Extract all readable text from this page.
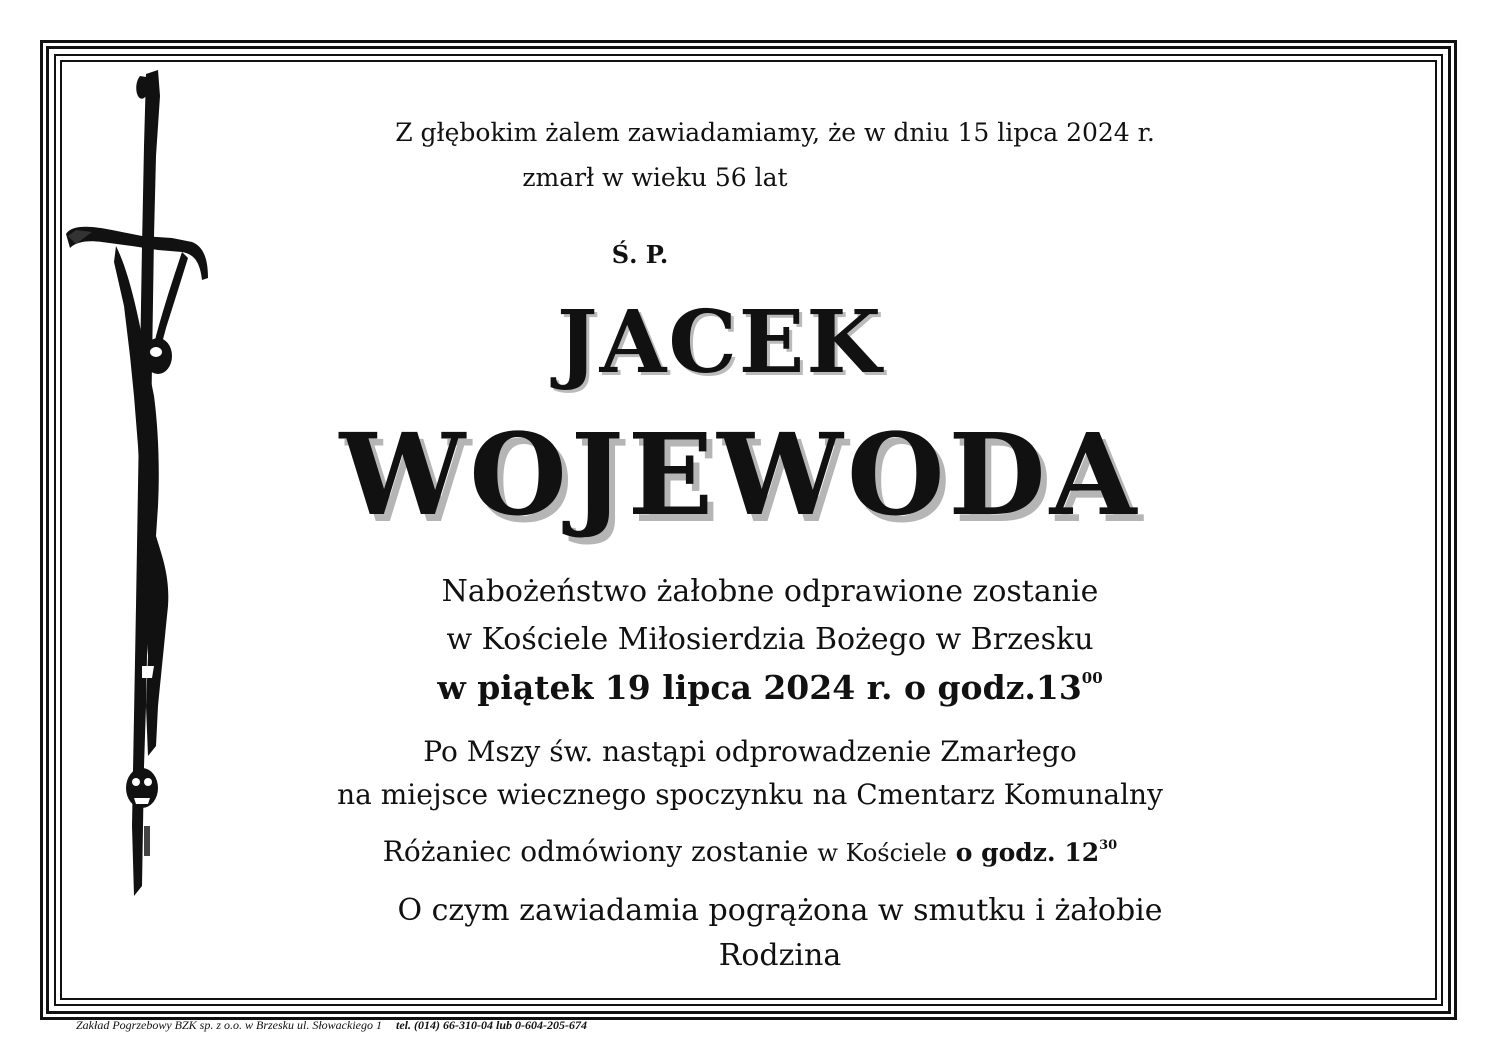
Z głębokim żalem zawiadamiamy, że w dniu 15 lipca 2024 r.
zmarł w wieku 56 lat
Ś. P.
JACEK
WOJEWODA
Nabożeństwo żałobne odprawione zostanie
w Kościele Miłosierdzia Bożego w Brzesku
w piątek 19 lipca 2024 r. o $godz.13^{00}$
Po Mszy św. nastąpi odprowadzenie Zmarłego
na miejsce wiecznego spoczynku na Cmentarz Komunalny
Różaniec odmówiony zostanie w Kościele o godz. $12^{30}$
O czym zawiadamia pogrążona w smutku i żałobie
Rodzina
Zakład Pogrzebowy BZK sp. z o.o. w Brzesku ul. Słowackiego 1 tel. (014) 66-310-04 lub 0-604-205-674
